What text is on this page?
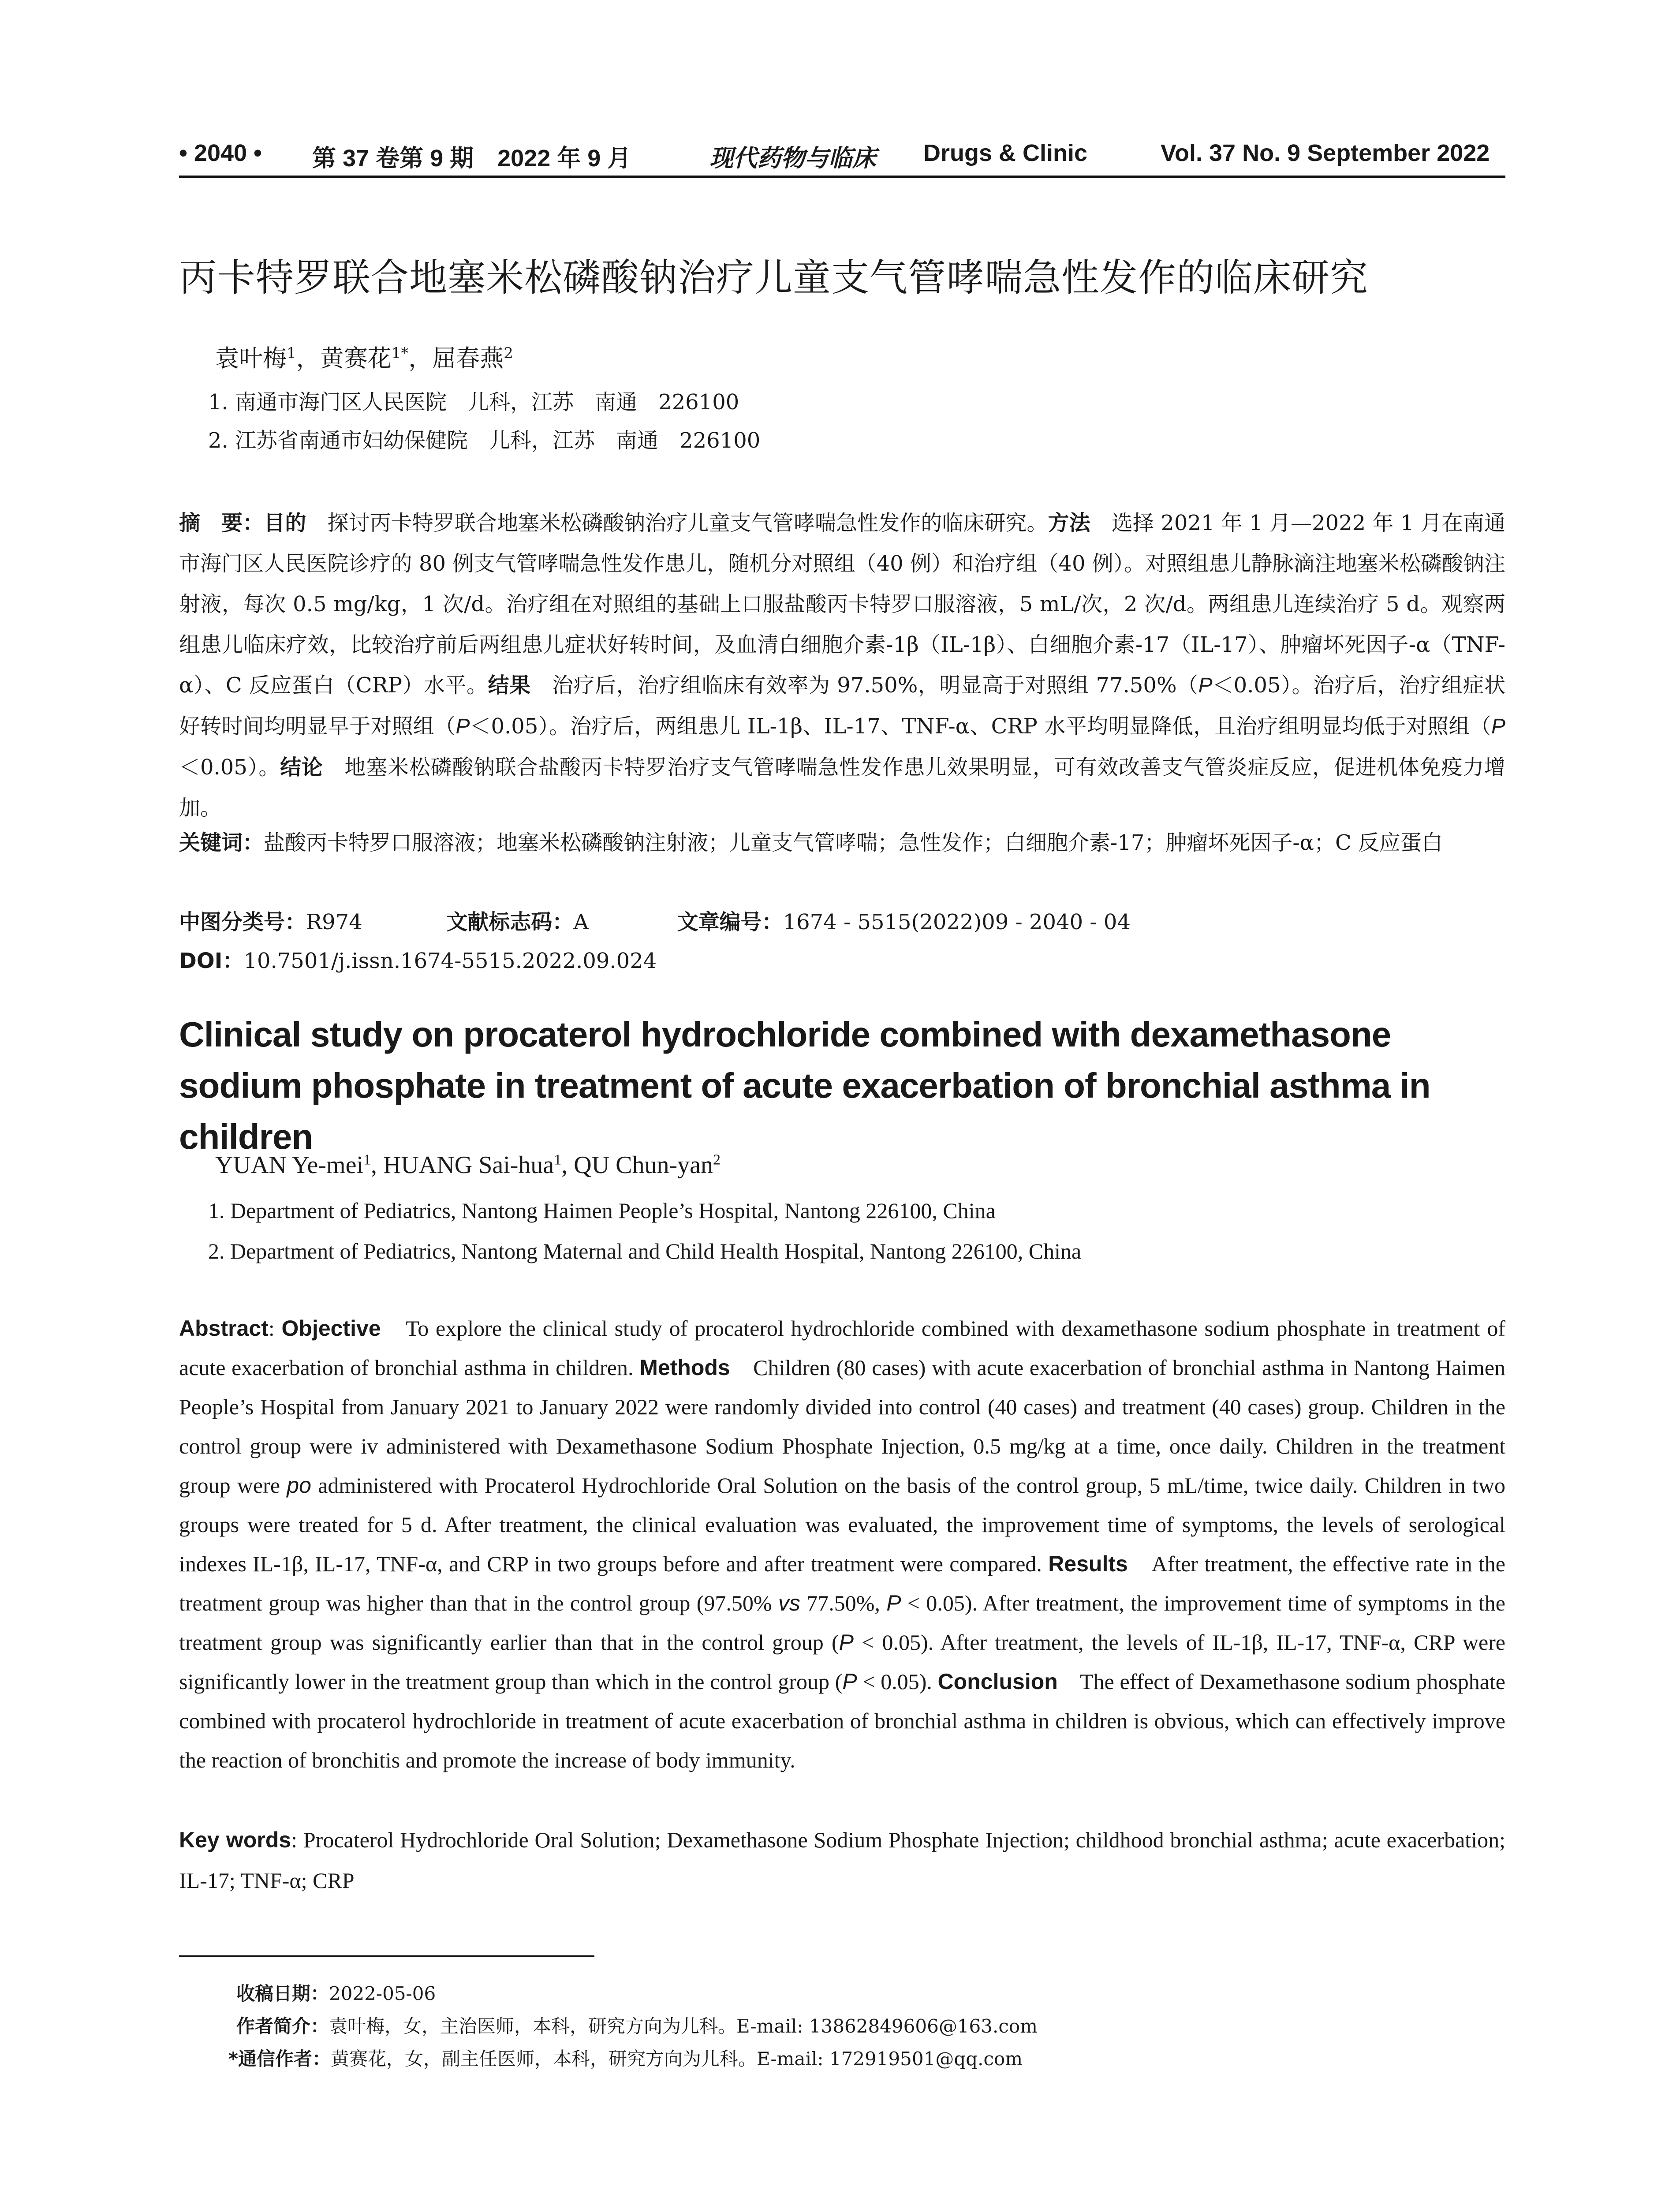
• 2040 • 第 37 卷第 9 期　2022 年 9 月	现代药物与临床 Drugs & Clinic	Vol. 37 No. 9 September 2022
丙卡特罗联合地塞米松磷酸钠治疗儿童支气管哮喘急性发作的临床研究
袁叶梅$^1$，黄赛花$^{1*}$，屈春燕$^2$
1. 南通市海门区人民医院　儿科，江苏　南通　226100
2. 江苏省南通市妇幼保健院　儿科，江苏　南通　226100
摘　要：目的　探讨丙卡特罗联合地塞米松磷酸钠治疗儿童支气管哮喘急性发作的临床研究。方法　选择 2021 年 1 月—2022 年 1 月在南通市海门区人民医院诊疗的 80 例支气管哮喘急性发作患儿，随机分对照组（40 例）和治疗组（40 例）。对照组患儿静脉滴注地塞米松磷酸钠注射液，每次 0.5 mg/kg，1 次/d。治疗组在对照组的基础上口服盐酸丙卡特罗口服溶液，5 mL/次，2 次/d。两组患儿连续治疗 5 d。观察两组患儿临床疗效，比较治疗前后两组患儿症状好转时间，及血清白细胞介素-1β（IL-1β）、白细胞介素-17（IL-17）、肿瘤坏死因子-α（TNF-α）、C 反应蛋白（CRP）水平。结果　治疗后，治疗组临床有效率为 97.50%，明显高于对照组 77.50%（P＜0.05）。治疗后，治疗组症状好转时间均明显早于对照组（P＜0.05）。治疗后，两组患儿 IL-1β、IL-17、TNF-α、CRP 水平均明显降低，且治疗组明显均低于对照组（P＜0.05）。结论　地塞米松磷酸钠联合盐酸丙卡特罗治疗支气管哮喘急性发作患儿效果明显，可有效改善支气管炎症反应，促进机体免疫力增加。
关键词：盐酸丙卡特罗口服溶液；地塞米松磷酸钠注射液；儿童支气管哮喘；急性发作；白细胞介素-17；肿瘤坏死因子-α；C 反应蛋白
中图分类号：R974	文献标志码：A	文章编号：1674 - 5515(2022)09 - 2040 - 04
DOI：10.7501/j.issn.1674-5515.2022.09.024
Clinical study on procaterol hydrochloride combined with dexamethasone sodium phosphate in treatment of acute exacerbation of bronchial asthma in children
YUAN Ye-mei$^1$, HUANG Sai-hua$^1$, QU Chun-yan$^2$
1. Department of Pediatrics, Nantong Haimen People’s Hospital, Nantong 226100, China
2. Department of Pediatrics, Nantong Maternal and Child Health Hospital, Nantong 226100, China
Abstract: Objective　To explore the clinical study of procaterol hydrochloride combined with dexamethasone sodium phosphate in treatment of acute exacerbation of bronchial asthma in children. Methods　Children (80 cases) with acute exacerbation of bronchial asthma in Nantong Haimen People’s Hospital from January 2021 to January 2022 were randomly divided into control (40 cases) and treatment (40 cases) group. Children in the control group were iv administered with Dexamethasone Sodium Phosphate Injection, 0.5 mg/kg at a time, once daily. Children in the treatment group were po administered with Procaterol Hydrochloride Oral Solution on the basis of the control group, 5 mL/time, twice daily. Children in two groups were treated for 5 d. After treatment, the clinical evaluation was evaluated, the improvement time of symptoms, the levels of serological indexes IL-1β, IL-17, TNF-α, and CRP in two groups before and after treatment were compared. Results　After treatment, the effective rate in the treatment group was higher than that in the control group (97.50% vs 77.50%, P < 0.05). After treatment, the improvement time of symptoms in the treatment group was significantly earlier than that in the control group (P < 0.05). After treatment, the levels of IL-1β, IL-17, TNF-α, CRP were significantly lower in the treatment group than which in the control group (P < 0.05). Conclusion　The effect of Dexamethasone sodium phosphate combined with procaterol hydrochloride in treatment of acute exacerbation of bronchial asthma in children is obvious, which can effectively improve the reaction of bronchitis and promote the increase of body immunity.
Key words: Procaterol Hydrochloride Oral Solution; Dexamethasone Sodium Phosphate Injection; childhood bronchial asthma; acute exacerbation; IL-17; TNF-α; CRP
收稿日期：2022-05-06
作者简介：袁叶梅，女，主治医师，本科，研究方向为儿科。E-mail: 13862849606@163.com
*通信作者：黄赛花，女，副主任医师，本科，研究方向为儿科。E-mail: 172919501@qq.com
